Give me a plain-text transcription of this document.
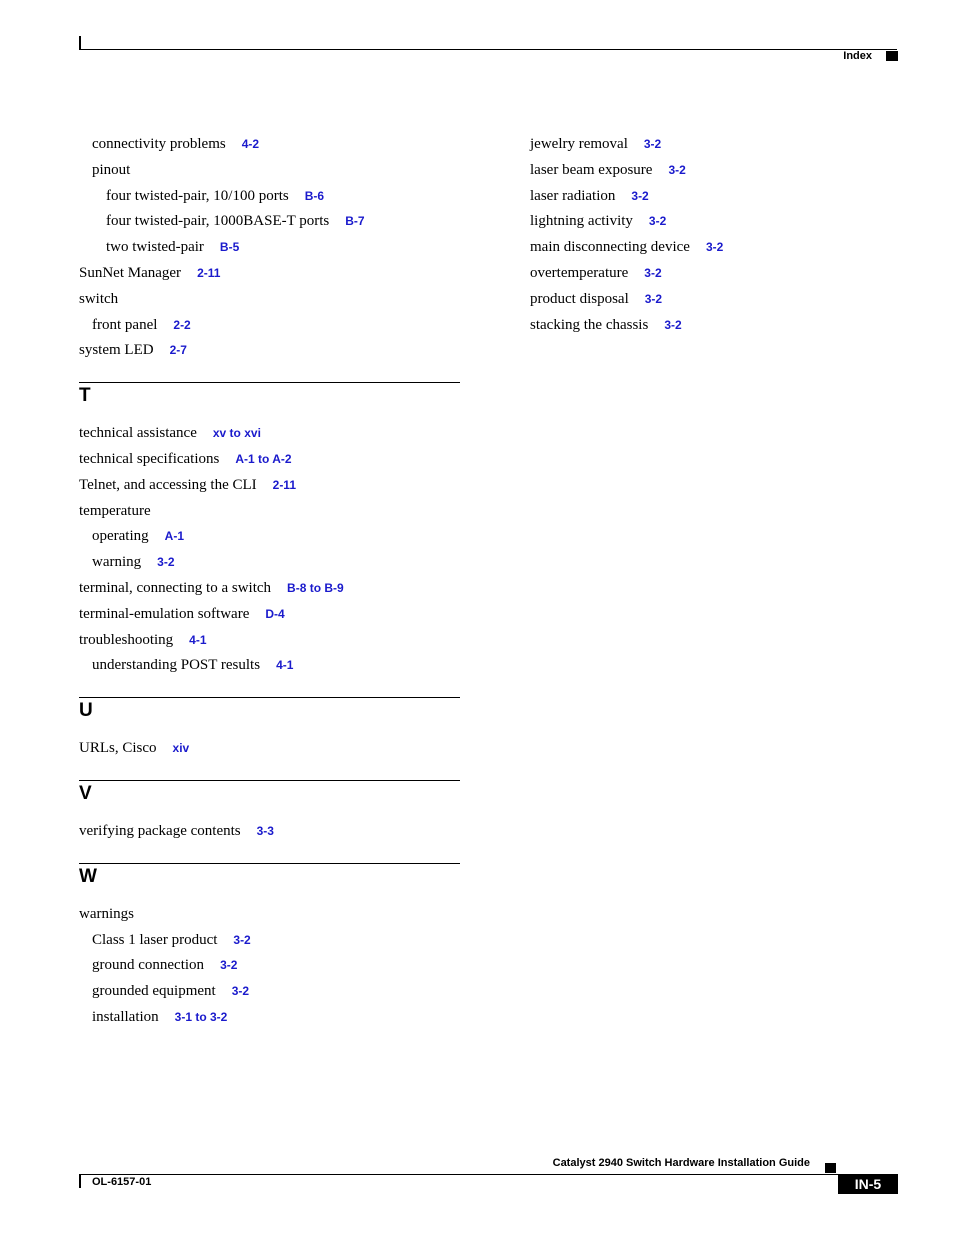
Index
connectivity problems 4-2
pinout
four twisted-pair, 10/100 ports B-6
four twisted-pair, 1000BASE-T ports B-7
two twisted-pair B-5
SunNet Manager 2-11
switch
front panel 2-2
system LED 2-7
T
technical assistance xv to xvi
technical specifications A-1 to A-2
Telnet, and accessing the CLI 2-11
temperature
operating A-1
warning 3-2
terminal, connecting to a switch B-8 to B-9
terminal-emulation software D-4
troubleshooting 4-1
understanding POST results 4-1
U
URLs, Cisco xiv
V
verifying package contents 3-3
W
warnings
Class 1 laser product 3-2
ground connection 3-2
grounded equipment 3-2
installation 3-1 to 3-2
jewelry removal 3-2
laser beam exposure 3-2
laser radiation 3-2
lightning activity 3-2
main disconnecting device 3-2
overtemperature 3-2
product disposal 3-2
stacking the chassis 3-2
Catalyst 2940 Switch Hardware Installation Guide
OL-6157-01	IN-5
